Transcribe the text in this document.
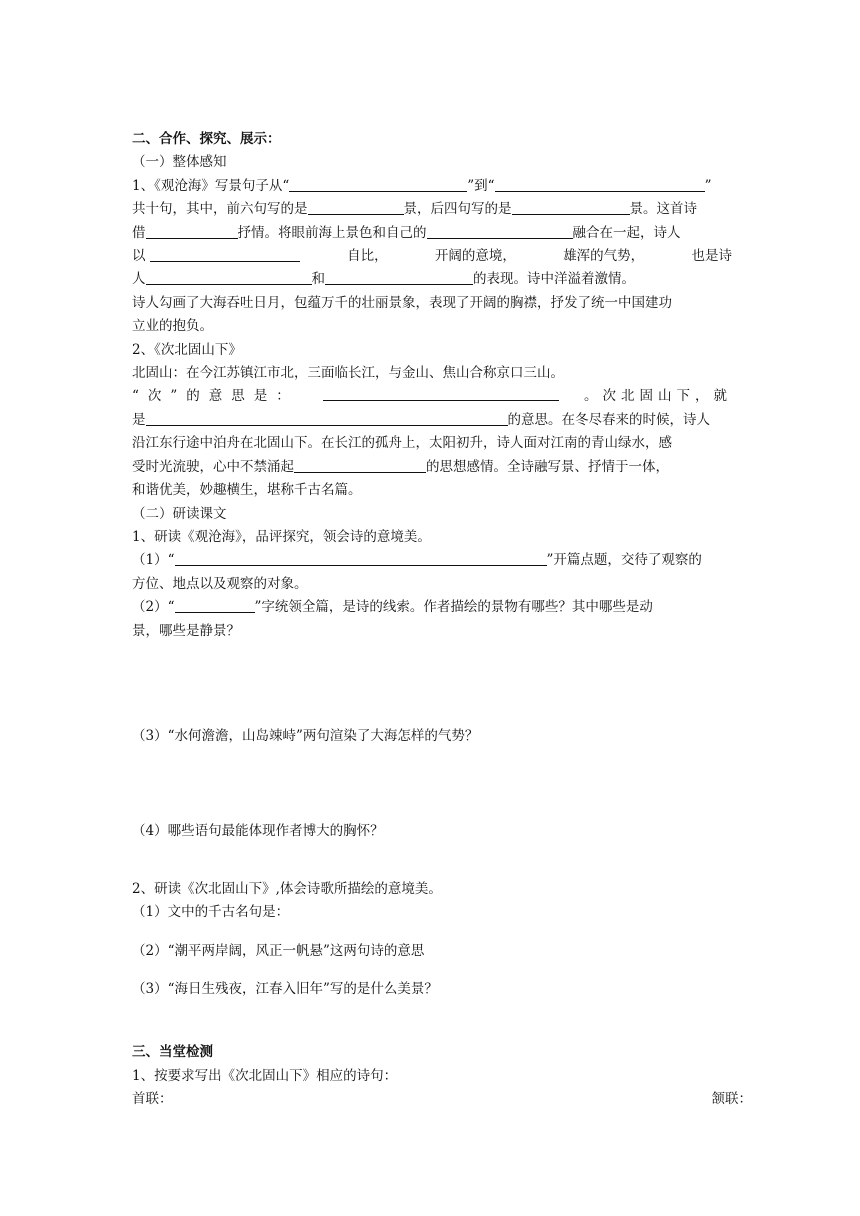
二、合作、探究、展示：
（一）整体感知
1、《观沧海》写景句子从“	”到“	”
共十句，其中，前六句写的是	景，后四句写的是	景。这首诗
借	抒情。将眼前海上景色和自己的	融合在一起，诗人
以	自比，	开阔的意境，	雄浑的气势，	也是诗
人	和	的表现。诗中洋溢着激情。
诗人勾画了大海吞吐日月，包蕴万千的壮丽景象，表现了开阔的胸襟，抒发了统一中国建功
立业的抱负。
2、《次北固山下》
北固山：在今江苏镇江市北，三面临长江，与金山、焦山合称京口三山。
“次”的意思是：	。次北固山下，就
是	的意思。在冬尽春来的时候，诗人
沿江东行途中泊舟在北固山下。在长江的孤舟上，太阳初升，诗人面对江南的青山绿水，感
受时光流驶，心中不禁涌起	的思想感情。全诗融写景、抒情于一体，
和谐优美，妙趣横生，堪称千古名篇。
（二）研读课文
1、研读《观沧海》，品评探究，领会诗的意境美。
（1）“	”开篇点题，交待了观察的
方位、地点以及观察的对象。
（2）“	”字统领全篇，是诗的线索。作者描绘的景物有哪些？其中哪些是动
景，哪些是静景？
（3）“水何澹澹，山岛竦峙”两句渲染了大海怎样的气势？
（4）哪些语句最能体现作者博大的胸怀？
2、研读《次北固山下》,体会诗歌所描绘的意境美。
（1）文中的千古名句是：
（2）“潮平两岸阔，风正一帆悬”这两句诗的意思
（3）“海日生残夜，江春入旧年”写的是什么美景？
三、当堂检测
1、按要求写出《次北固山下》相应的诗句：
首联：	颔联：
